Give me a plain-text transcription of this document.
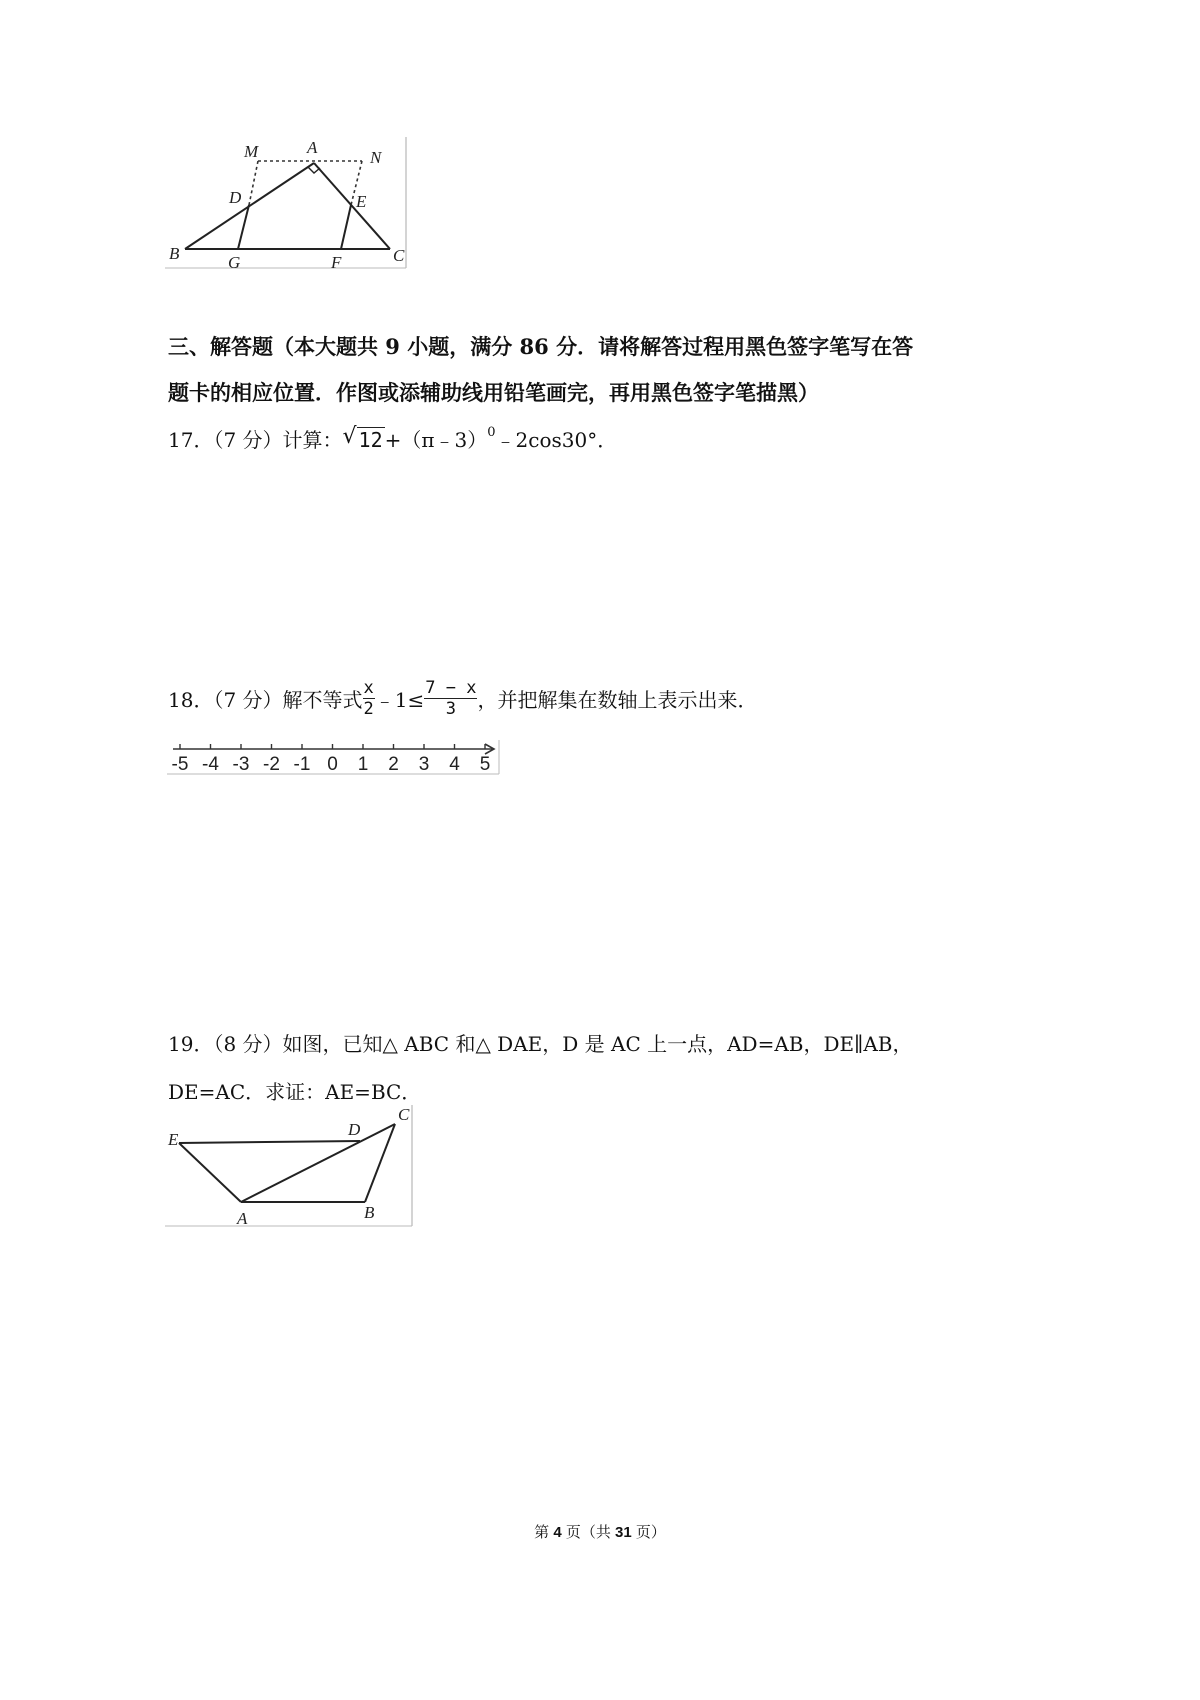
M	A
N
D	E
B	G	F	C
三、解答题（本大题共 9 小题，满分 86 分．请将解答过程用黑色签字笔写在答
题卡的相应位置．作图或添辅助线用铅笔画完，再用黑色签字笔描黑）
17．（7 分）计算： √ 12 +（π﹣3）$^0$﹣2cos30°．
18．（7 分）解不等式 $\frac{x}{2}$ ﹣1≤ $\frac{7 - x}{3}$ ，并把解集在数轴上表示出来．
-5 -4 -3 -2 -1 0 1 2 3 4 5
19．（8 分）如图，已知△ ABC 和△ DAE，D 是 AC 上一点，AD=AB，DE∥AB，
DE=AC．求证：AE=BC．
E
D
C
A	B
第 4 页（共 31 页）
